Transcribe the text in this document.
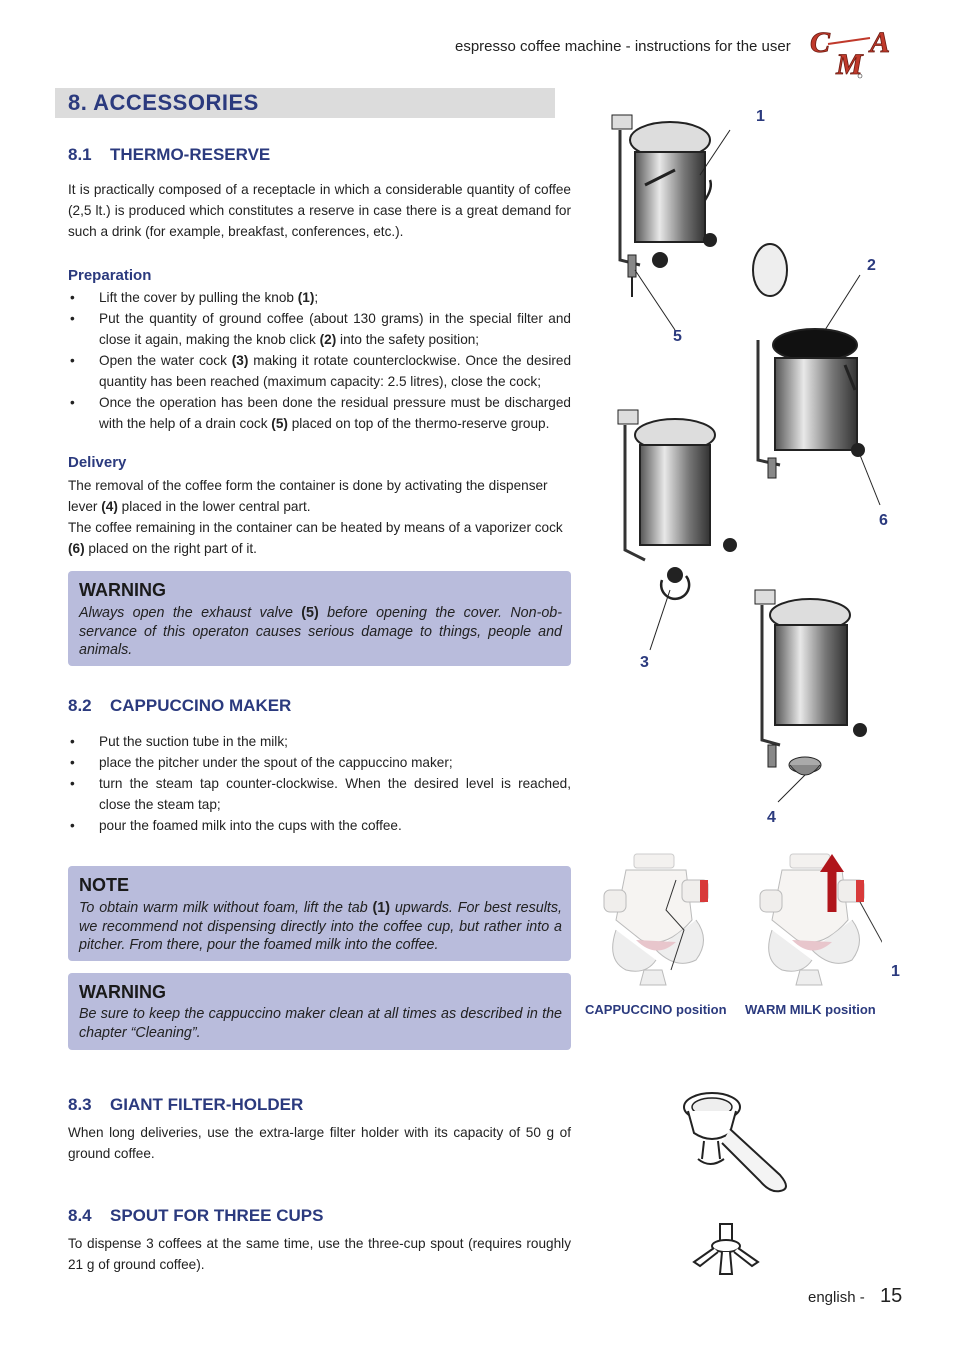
espresso coffee machine - instructions for the user C
M
A
8. ACCESSORIES
8.1 THERMO-RESERVE
It is practically composed of a receptacle in which a considerable quantity of coffee (2,5 lt.) is produced which constitutes a reserve in case there is a great demand for such a drink (for example, breakfast, conferences, etc.).
Preparation
• Lift the cover by pulling the knob (1);
• Put the quantity of ground coffee (about 130 grams) in the special filter and close it again, making the knob click (2) into the safety position;
• Open the water cock (3) making it rotate counterclockwise. Once the desired quantity has been reached (maximum capacity: 2.5 litres), close the cock;
• Once the operation has been done the residual pressure must be discharged with the help of a drain cock (5) placed on top of the thermo-reserve group.
Delivery
The removal of the coffee form the container is done by activating the dispenser lever (4) placed in the lower central part.
The coffee remaining in the container can be heated by means of a vaporizer cock (6) placed on the right part of it.
WARNING
Always open the exhaust valve (5) before opening the cover. Non-ob-servance of this operaton causes serious damage to things, people and animals.
8.2 CAPPUCCINO MAKER
• Put the suction tube in the milk;
• place the pitcher under the spout of the cappuccino maker;
• turn the steam tap counter-clockwise. When the desired level is reached, close the steam tap;
• pour the foamed milk into the cups with the coffee.
NOTE
To obtain warm milk without foam, lift the tab (1) upwards. For best results, we recommend not dispensing directly into the coffee cup, but rather into a pitcher. From there, pour the foamed milk into the coffee.
WARNING
Be sure to keep the cappuccino maker clean at all times as described in the chapter “Cleaning”.
8.3 GIANT FILTER-HOLDER
When long deliveries, use the extra-large filter holder with its capacity of 50 g of ground coffee.
8.4 SPOUT FOR THREE CUPS
To dispense 3 coffees at the same time, use the three-cup spout (requires roughly 21 g of ground coffee).
1
2
5
6
3
4
1
CAPPUCCINO position WARM MILK position
english - 15
